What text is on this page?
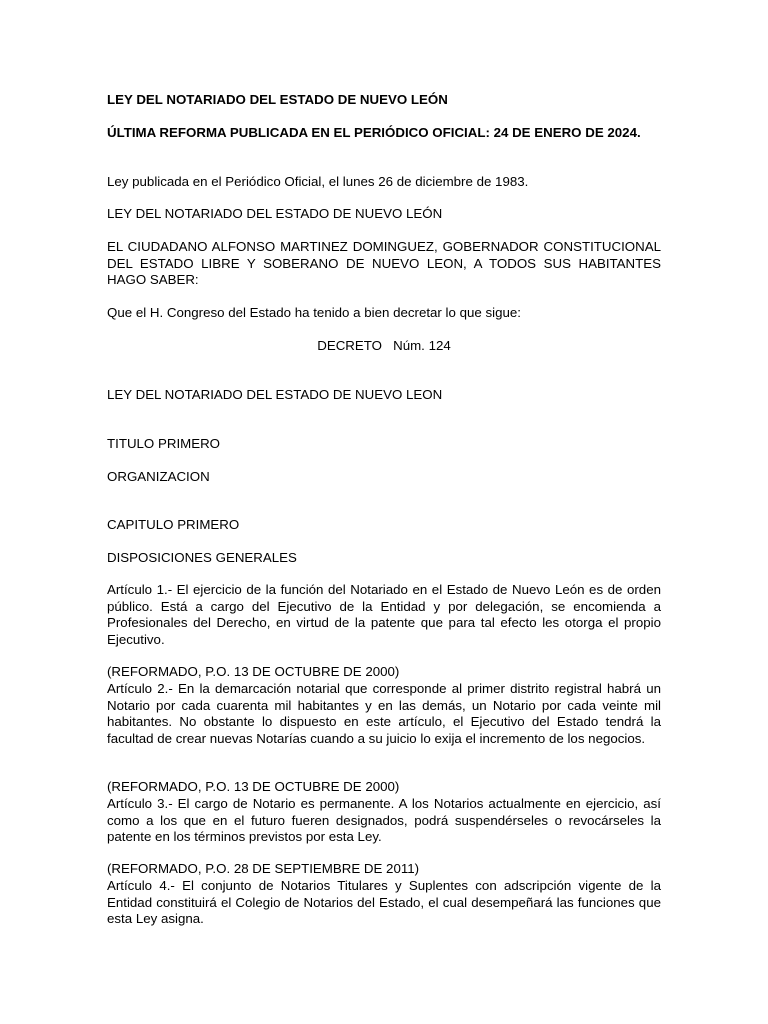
LEY DEL NOTARIADO DEL ESTADO DE NUEVO LEÓN

ÚLTIMA REFORMA PUBLICADA EN EL PERIÓDICO OFICIAL: 24 DE ENERO DE 2024.

Ley publicada en el Periódico Oficial, el lunes 26 de diciembre de 1983.

LEY DEL NOTARIADO DEL ESTADO DE NUEVO LEÓN

EL CIUDADANO ALFONSO MARTINEZ DOMINGUEZ, GOBERNADOR CONSTITUCIONAL DEL ESTADO LIBRE Y SOBERANO DE NUEVO LEON, A TODOS SUS HABITANTES HAGO SABER:

Que el H. Congreso del Estado ha tenido a bien decretar lo que sigue:

DECRETO Núm. 124

LEY DEL NOTARIADO DEL ESTADO DE NUEVO LEON

TITULO PRIMERO

ORGANIZACION

CAPITULO PRIMERO

DISPOSICIONES GENERALES

Artículo 1.- El ejercicio de la función del Notariado en el Estado de Nuevo León es de orden público. Está a cargo del Ejecutivo de la Entidad y por delegación, se encomienda a Profesionales del Derecho, en virtud de la patente que para tal efecto les otorga el propio Ejecutivo.

(REFORMADO, P.O. 13 DE OCTUBRE DE 2000)

Artículo 2.- En la demarcación notarial que corresponde al primer distrito registral habrá un Notario por cada cuarenta mil habitantes y en las demás, un Notario por cada veinte mil habitantes. No obstante lo dispuesto en este artículo, el Ejecutivo del Estado tendrá la facultad de crear nuevas Notarías cuando a su juicio lo exija el incremento de los negocios.

(REFORMADO, P.O. 13 DE OCTUBRE DE 2000)

Artículo 3.- El cargo de Notario es permanente. A los Notarios actualmente en ejercicio, así como a los que en el futuro fueren designados, podrá suspendérseles o revocárseles la patente en los términos previstos por esta Ley.

(REFORMADO, P.O. 28 DE SEPTIEMBRE DE 2011)

Artículo 4.- El conjunto de Notarios Titulares y Suplentes con adscripción vigente de la Entidad constituirá el Colegio de Notarios del Estado, el cual desempeñará las funciones que esta Ley asigna.
